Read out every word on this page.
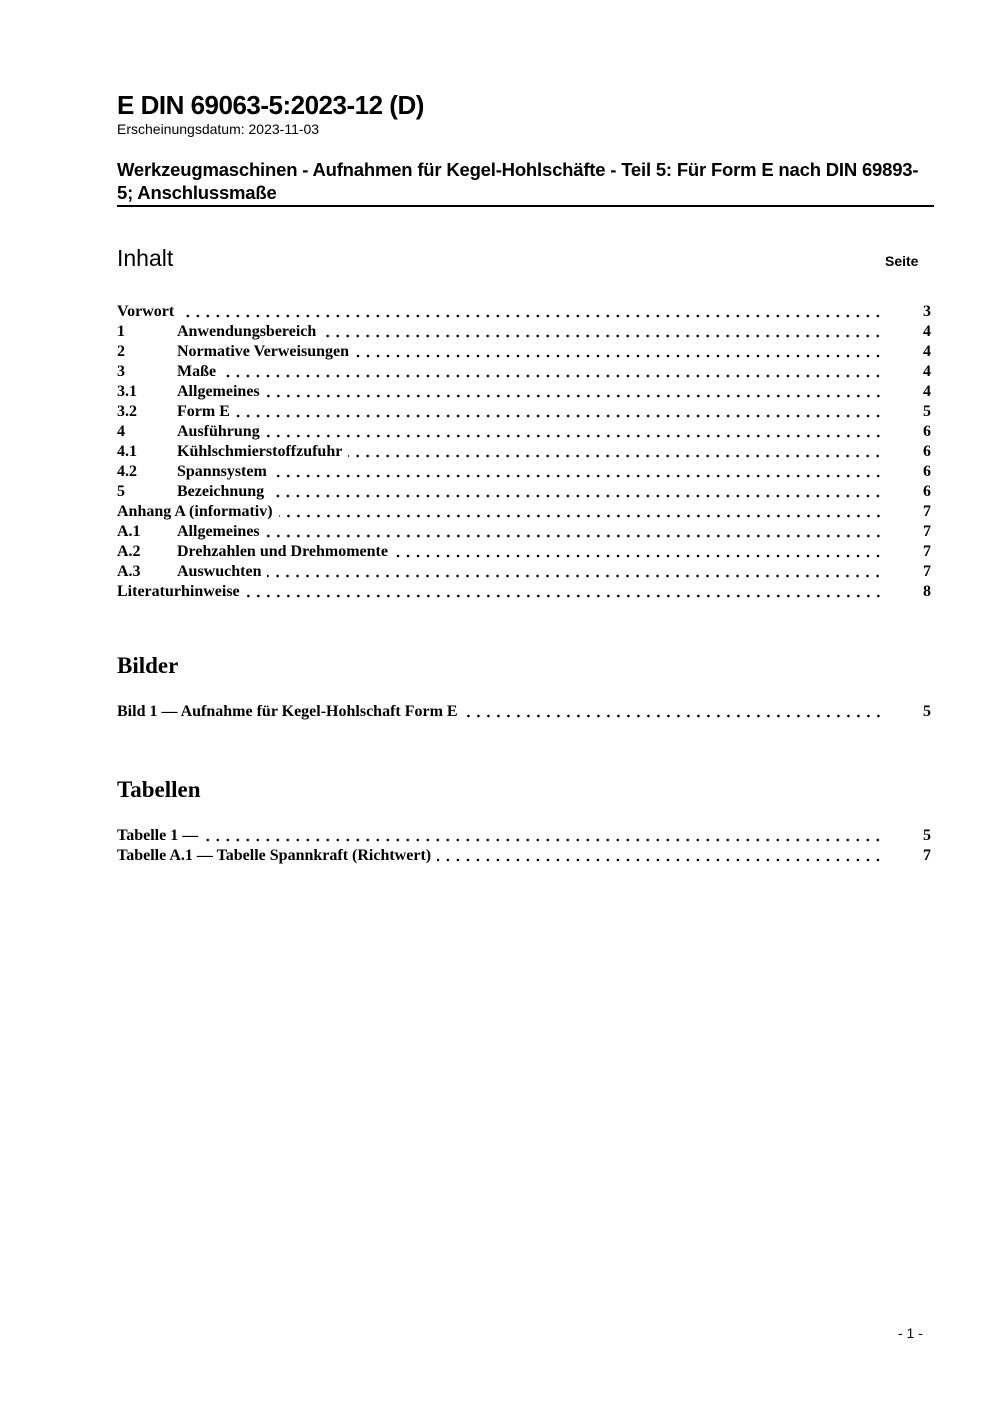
E DIN 69063-5:2023-12 (D)
Erscheinungsdatum: 2023-11-03
Werkzeugmaschinen - Aufnahmen für Kegel-Hohlschäfte - Teil 5: Für Form E nach DIN 69893-5; Anschlussmaße
Inhalt	Seite
Vorwort	3
1	Anwendungsbereich	4
2	Normative Verweisungen	4
3	Maße	4
3.1	Allgemeines	4
3.2	Form E	5
4	Ausführung	6
4.1	Kühlschmierstoffzufuhr	6
4.2	Spannsystem	6
5	Bezeichnung	6
Anhang A (informativ)	7
A.1	Allgemeines	7
A.2	Drehzahlen und Drehmomente	7
A.3	Auswuchten	7
Literaturhinweise	8
Bilder
Bild 1 — Aufnahme für Kegel-Hohlschaft Form E	5
Tabellen
Tabelle 1 —	5
Tabelle A.1 — Tabelle Spannkraft (Richtwert)	7
- 1 -
